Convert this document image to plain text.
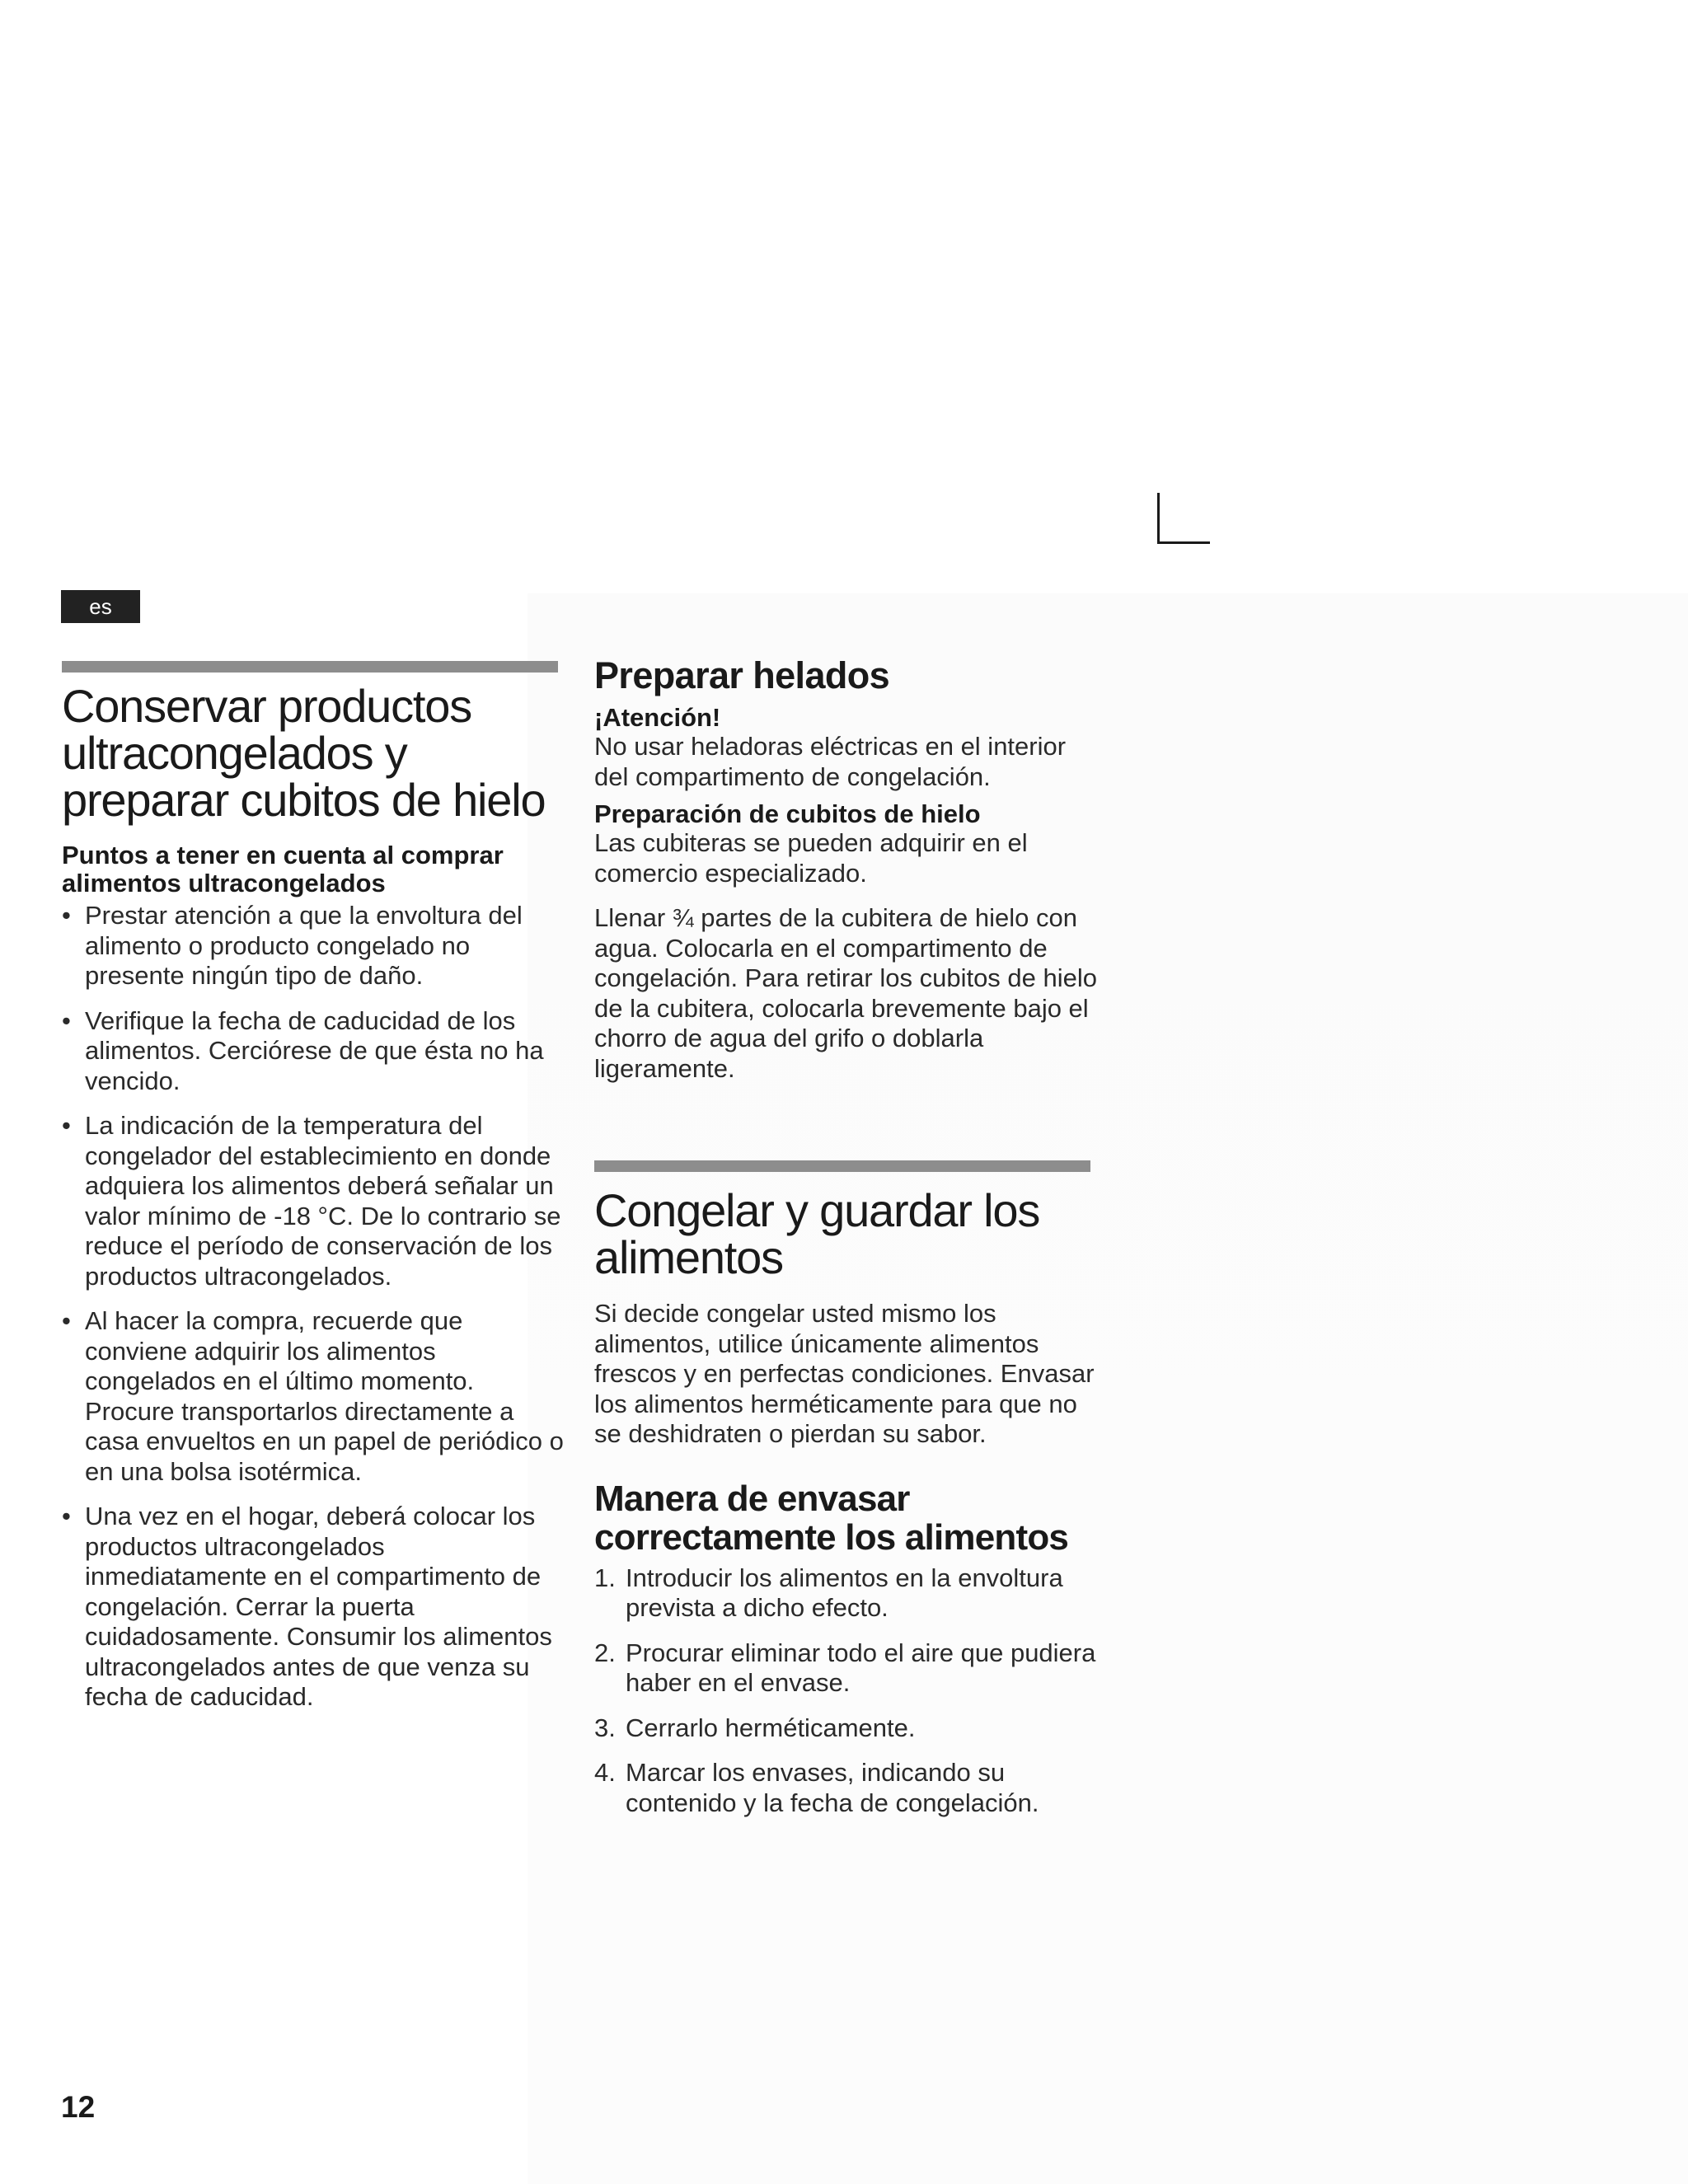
es
Conservar productos ultracongelados y preparar cubitos de hielo

Puntos a tener en cuenta al comprar alimentos ultracongelados

• Prestar atención a que la envoltura del alimento o producto congelado no presente ningún tipo de daño.
• Verifique la fecha de caducidad de los alimentos. Cerciórese de que ésta no ha vencido.
• La indicación de la temperatura del congelador del establecimiento en donde adquiera los alimentos deberá señalar un valor mínimo de -18 °C. De lo contrario se reduce el período de conservación de los productos ultracongelados.
• Al hacer la compra, recuerde que conviene adquirir los alimentos congelados en el último momento. Procure transportarlos directamente a casa envueltos en un papel de periódico o en una bolsa isotérmica.
• Una vez en el hogar, deberá colocar los productos ultracongelados inmediatamente en el compartimento de congelación. Cerrar la puerta cuidadosamente. Consumir los alimentos ultracongelados antes de que venza su fecha de caducidad.
Preparar helados

¡Atención!

No usar heladoras eléctricas en el interior del compartimento de congelación.

Preparación de cubitos de hielo

Las cubiteras se pueden adquirir en el comercio especializado.

Llenar ¾ partes de la cubitera de hielo con agua. Colocarla en el compartimento de congelación. Para retirar los cubitos de hielo de la cubitera, colocarla brevemente bajo el chorro de agua del grifo o doblarla ligeramente.

Congelar y guardar los alimentos

Si decide congelar usted mismo los alimentos, utilice únicamente alimentos frescos y en perfectas condiciones. Envasar los alimentos herméticamente para que no se deshidraten o pierdan su sabor.

Manera de envasar correctamente los alimentos
1. Introducir los alimentos en la envoltura prevista a dicho efecto.
2. Procurar eliminar todo el aire que pudiera haber en el envase.
3. Cerrarlo herméticamente.
4. Marcar los envases, indicando su contenido y la fecha de congelación.
12
